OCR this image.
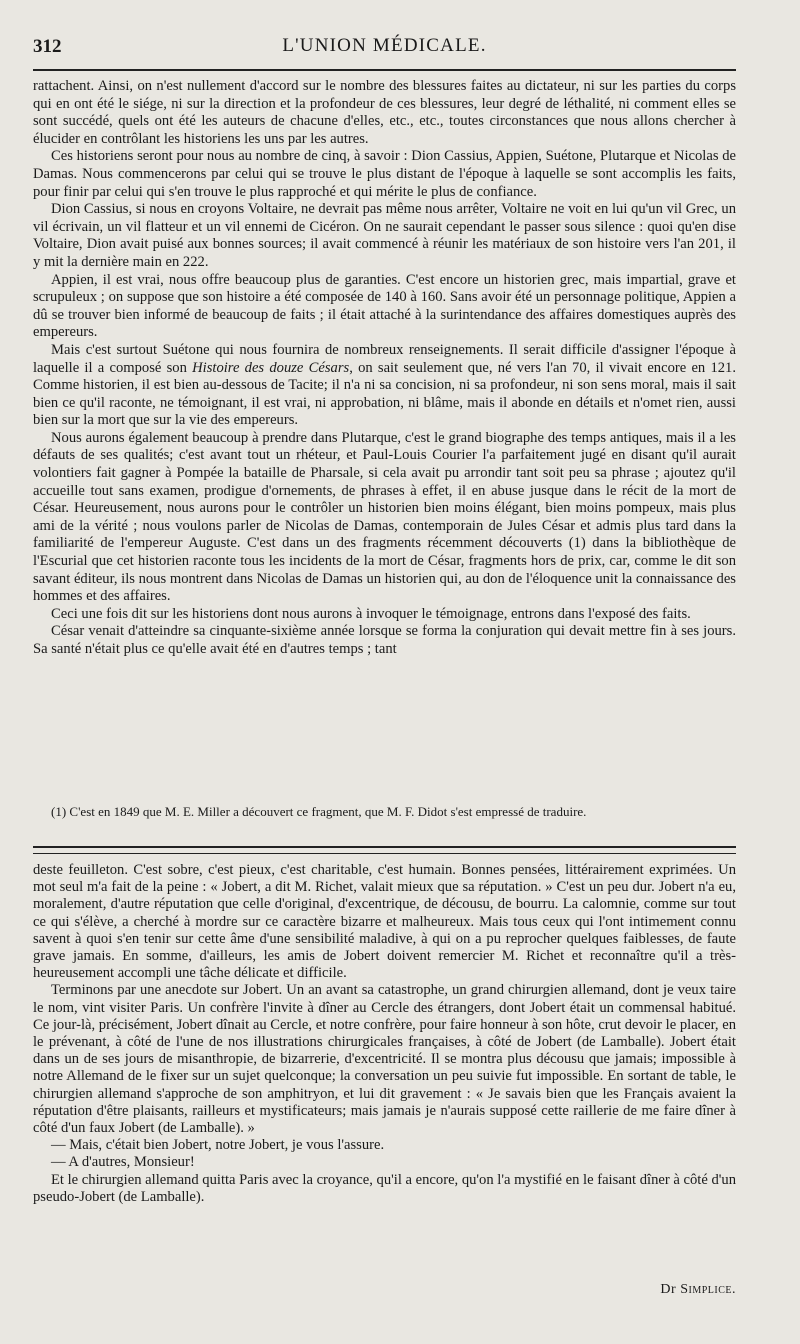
312	L'UNION MÉDICALE.

rattachent. Ainsi, on n'est nullement d'accord sur le nombre des blessures faites au dictateur, ni sur les parties du corps qui en ont été le siége, ni sur la direction et la profondeur de ces blessures, leur degré de léthalité, ni comment elles se sont succédé, quels ont été les auteurs de chacune d'elles, etc., etc., toutes circonstances que nous allons chercher à élucider en contrôlant les historiens les uns par les autres.

Ces historiens seront pour nous au nombre de cinq, à savoir : Dion Cassius, Appien, Suétone, Plutarque et Nicolas de Damas. Nous commencerons par celui qui se trouve le plus distant de l'époque à laquelle se sont accomplis les faits, pour finir par celui qui s'en trouve le plus rapproché et qui mérite le plus de confiance.

Dion Cassius, si nous en croyons Voltaire, ne devrait pas même nous arrêter, Voltaire ne voit en lui qu'un vil Grec, un vil écrivain, un vil flatteur et un vil ennemi de Cicéron. On ne saurait cependant le passer sous silence : quoi qu'en dise Voltaire, Dion avait puisé aux bonnes sources; il avait commencé à réunir les matériaux de son histoire vers l'an 201, il y mit la dernière main en 222.

Appien, il est vrai, nous offre beaucoup plus de garanties. C'est encore un historien grec, mais impartial, grave et scrupuleux ; on suppose que son histoire a été composée de 140 à 160. Sans avoir été un personnage politique, Appien a dû se trouver bien informé de beaucoup de faits ; il était attaché à la surintendance des affaires domestiques auprès des empereurs.

Mais c'est surtout Suétone qui nous fournira de nombreux renseignements. Il serait difficile d'assigner l'époque à laquelle il a composé son Histoire des douze Césars, on sait seulement que, né vers l'an 70, il vivait encore en 121. Comme historien, il est bien au-dessous de Tacite; il n'a ni sa concision, ni sa profondeur, ni son sens moral, mais il sait bien ce qu'il raconte, ne témoignant, il est vrai, ni approbation, ni blâme, mais il abonde en détails et n'omet rien, aussi bien sur la mort que sur la vie des empereurs.

Nous aurons également beaucoup à prendre dans Plutarque, c'est le grand biographe des temps antiques, mais il a les défauts de ses qualités; c'est avant tout un rhéteur, et Paul-Louis Courier l'a parfaitement jugé en disant qu'il aurait volontiers fait gagner à Pompée la bataille de Pharsale, si cela avait pu arrondir tant soit peu sa phrase ; ajoutez qu'il accueille tout sans examen, prodigue d'ornements, de phrases à effet, il en abuse jusque dans le récit de la mort de César. Heureusement, nous aurons pour le contrôler un historien bien moins élégant, bien moins pompeux, mais plus ami de la vérité ; nous voulons parler de Nicolas de Damas, contemporain de Jules César et admis plus tard dans la familiarité de l'empereur Auguste. C'est dans un des fragments récemment découverts (1) dans la bibliothèque de l'Escurial que cet historien raconte tous les incidents de la mort de César, fragments hors de prix, car, comme le dit son savant éditeur, ils nous montrent dans Nicolas de Damas un historien qui, au don de l'éloquence unit la connaissance des hommes et des affaires.

Ceci une fois dit sur les historiens dont nous aurons à invoquer le témoignage, entrons dans l'exposé des faits.

César venait d'atteindre sa cinquante-sixième année lorsque se forma la conjuration qui devait mettre fin à ses jours. Sa santé n'était plus ce qu'elle avait été en d'autres temps ; tant

(1) C'est en 1849 que M. E. Miller a découvert ce fragment, que M. F. Didot s'est empressé de traduire.

deste feuilleton. C'est sobre, c'est pieux, c'est charitable, c'est humain. Bonnes pensées, littérairement exprimées. Un mot seul m'a fait de la peine : « Jobert, a dit M. Richet, valait mieux que sa réputation. » C'est un peu dur. Jobert n'a eu, moralement, d'autre réputation que celle d'original, d'excentrique, de décousu, de bourru. La calomnie, comme sur tout ce qui s'élève, a cherché à mordre sur ce caractère bizarre et malheureux. Mais tous ceux qui l'ont intimement connu savent à quoi s'en tenir sur cette âme d'une sensibilité maladive, à qui on a pu reprocher quelques faiblesses, de faute grave jamais. En somme, d'ailleurs, les amis de Jobert doivent remercier M. Richet et reconnaître qu'il a très-heureusement accompli une tâche délicate et difficile.

Terminons par une anecdote sur Jobert. Un an avant sa catastrophe, un grand chirurgien allemand, dont je veux taire le nom, vint visiter Paris. Un confrère l'invite à dîner au Cercle des étrangers, dont Jobert était un commensal habitué. Ce jour-là, précisément, Jobert dînait au Cercle, et notre confrère, pour faire honneur à son hôte, crut devoir le placer, en le prévenant, à côté de l'une de nos illustrations chirurgicales françaises, à côté de Jobert (de Lamballe). Jobert était dans un de ses jours de misanthropie, de bizarrerie, d'excentricité. Il se montra plus décousu que jamais; impossible à notre Allemand de le fixer sur un sujet quelconque; la conversation un peu suivie fut impossible. En sortant de table, le chirurgien allemand s'approche de son amphitryon, et lui dit gravement : « Je savais bien que les Français avaient la réputation d'être plaisants, railleurs et mystificateurs; mais jamais je n'aurais supposé cette raillerie de me faire dîner à côté d'un faux Jobert (de Lamballe). »

— Mais, c'était bien Jobert, notre Jobert, je vous l'assure.

— A d'autres, Monsieur!

Et le chirurgien allemand quitta Paris avec la croyance, qu'il a encore, qu'on l'a mystifié en le faisant dîner à côté d'un pseudo-Jobert (de Lamballe).

Dr Simplice.
